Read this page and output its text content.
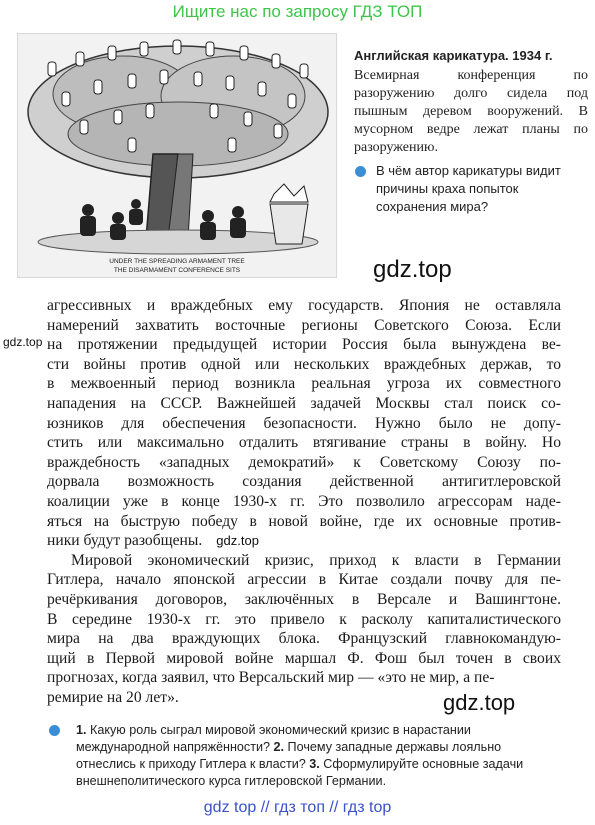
Ищите нас по запросу ГДЗ ТОП
UNDER THE SPREADING ARMAMENT TREE
THE DISARMAMENT CONFERENCE SITS
Английская карикатура. 1934 г.
Всемирная конференция по разоружению долго сидела под пышным деревом вооружений. В мусорном ведре лежат планы по разоружению.
В чём автор карикатуры видит причины краха попыток сохранения мира?
gdz.top
gdz.top
gdz.top
агрессивных и враждебных ему государств. Япония не оставляла
намерений захватить восточные регионы Советского Союза. Если
на протяжении предыдущей истории Россия была вынуждена ве-
сти войны против одной или нескольких враждебных держав, то
в межвоенный период возникла реальная угроза их совместного
нападения на СССР. Важнейшей задачей Москвы стал поиск со-
юзников для обеспечения безопасности. Нужно было не допу-
стить или максимально отдалить втягивание страны в войну. Но
враждебность «западных демократий» к Советскому Союзу по-
дорвала возможность создания действенной антигитлеровской
коалиции уже в конце 1930-х гг. Это позволило агрессорам наде-
яться на быструю победу в новой войне, где их основные против-
ники будут разобщены. gdz.top
Мировой экономический кризис, приход к власти в Германии
Гитлера, начало японской агрессии в Китае создали почву для пе-
речёркивания договоров, заключённых в Версале и Вашингтоне.
В середине 1930-х гг. это привело к расколу капиталистического
мира на два враждующих блока. Французский главнокомандую-
щий в Первой мировой войне маршал Ф. Фош был точен в своих
прогнозах, когда заявил, что Версальский мир — «это не мир, а пе-
ремирие на 20 лет».
1. Какую роль сыграл мировой экономический кризис в нарастании международной напряжённости? 2. Почему западные державы лояльно отнеслись к приходу Гитлера к власти? 3. Сформулируйте основные задачи внешнеполитического курса гитлеровской Германии.
gdz top // гдз топ // гдз top
